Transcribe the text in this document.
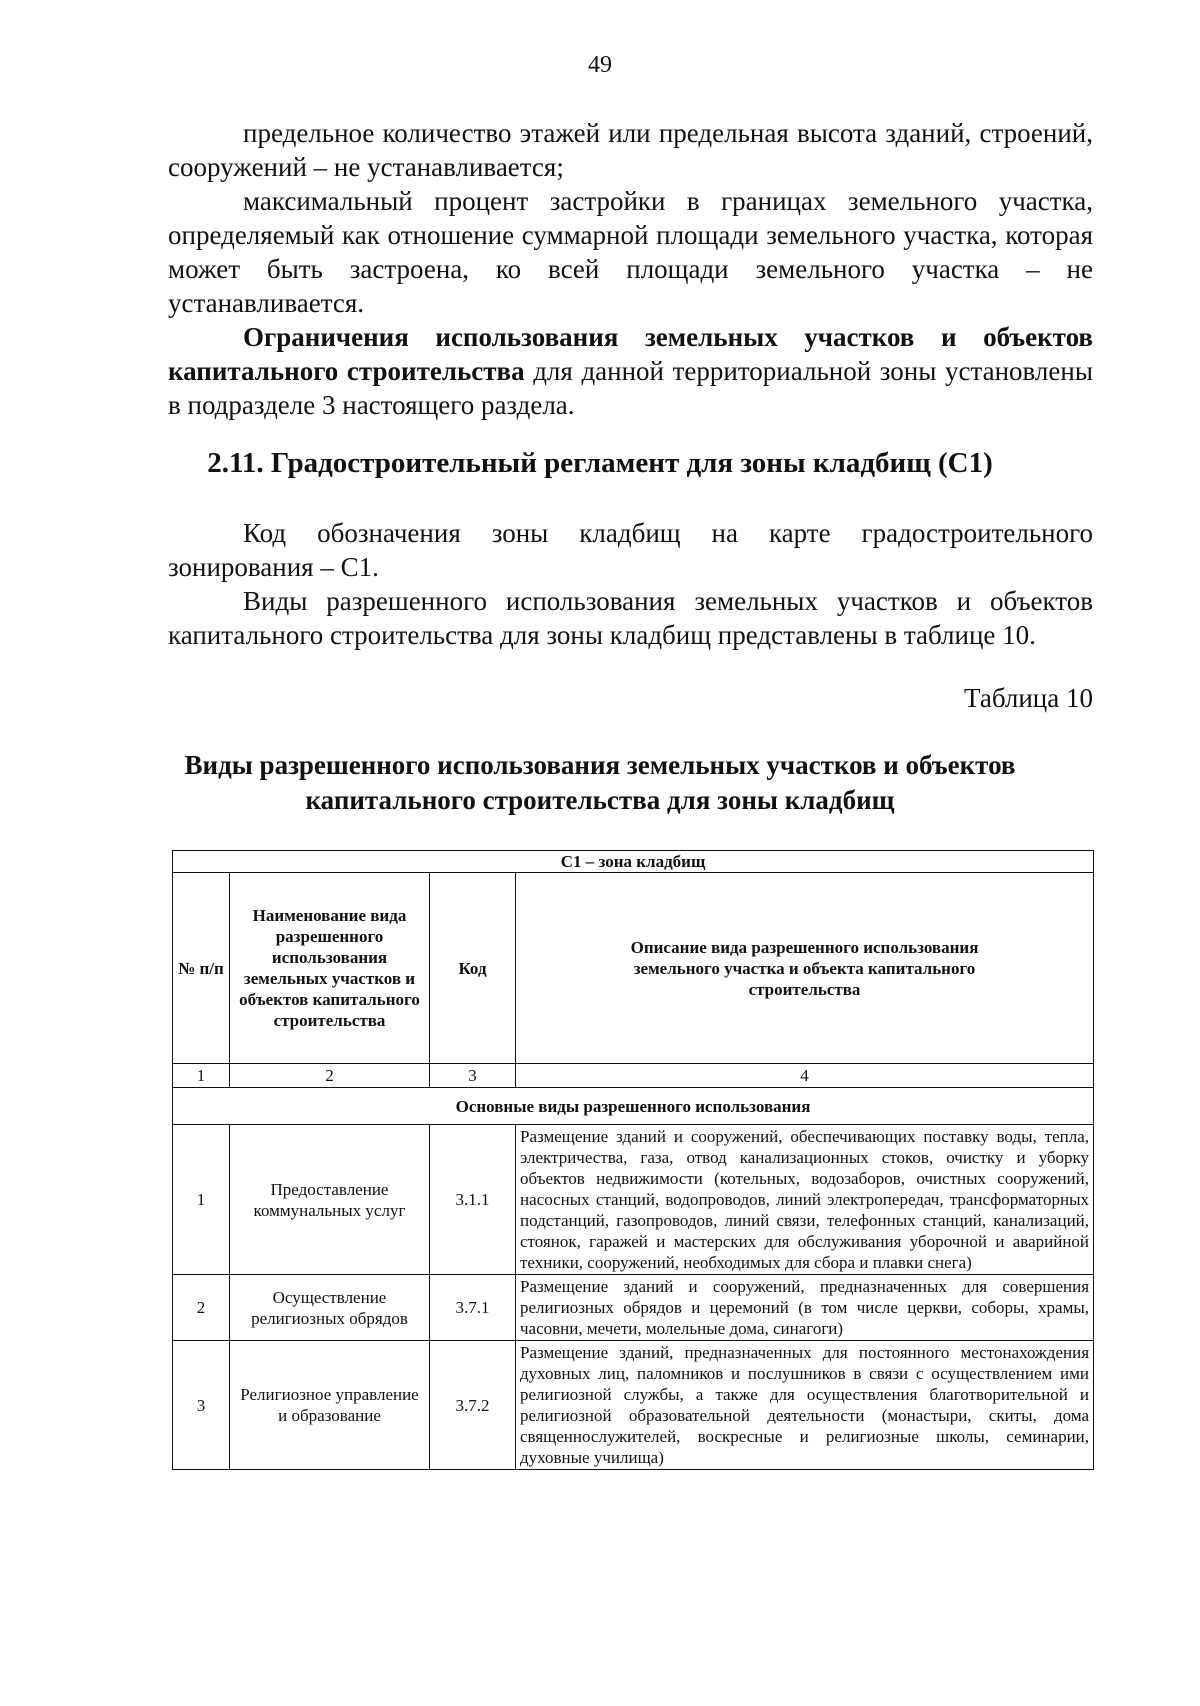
49

предельное количество этажей или предельная высота зданий, строений, сооружений – не устанавливается;

максимальный процент застройки в границах земельного участка, определяемый как отношение суммарной площади земельного участка, которая может быть застроена, ко всей площади земельного участка – не устанавливается.

Ограничения использования земельных участков и объектов капитального строительства для данной территориальной зоны установлены в подразделе 3 настоящего раздела.

2.11. Градостроительный регламент для зоны кладбищ (С1)

Код обозначения зоны кладбищ на карте градостроительного зонирования – С1.

Виды разрешенного использования земельных участков и объектов капитального строительства для зоны кладбищ представлены в таблице 10.

Таблица 10
Виды разрешенного использования земельных участков и объектов
капитального строительства для зоны кладбищ
С1 – зона кладбищ			
№ п/п	Наименование вида разрешенного использования земельных участков и объектов капитального строительства	Код	Описание вида разрешенного использования земельного участка и объекта капитального строительства
1	2	3	4
Основные виды разрешенного использования			
1	Предоставление коммунальных услуг	3.1.1	Размещение зданий и сооружений, обеспечивающих поставку воды, тепла, электричества, газа, отвод канализационных стоков, очистку и уборку объектов недвижимости (котельных, водозаборов, очистных сооружений, насосных станций, водопроводов, линий электропередач, трансформаторных подстанций, газопроводов, линий связи, телефонных станций, канализаций, стоянок, гаражей и мастерских для обслуживания уборочной и аварийной техники, сооружений, необходимых для сбора и плавки снега)
2	Осуществление религиозных обрядов	3.7.1	Размещение зданий и сооружений, предназначенных для совершения религиозных обрядов и церемоний (в том числе церкви, соборы, храмы, часовни, мечети, молельные дома, синагоги)
3	Религиозное управление и образование	3.7.2	Размещение зданий, предназначенных для постоянного местонахождения духовных лиц, паломников и послушников в связи с осуществлением ими религиозной службы, а также для осуществления благотворительной и религиозной образовательной деятельности (монастыри, скиты, дома священнослужителей, воскресные и религиозные школы, семинарии, духовные училища)
